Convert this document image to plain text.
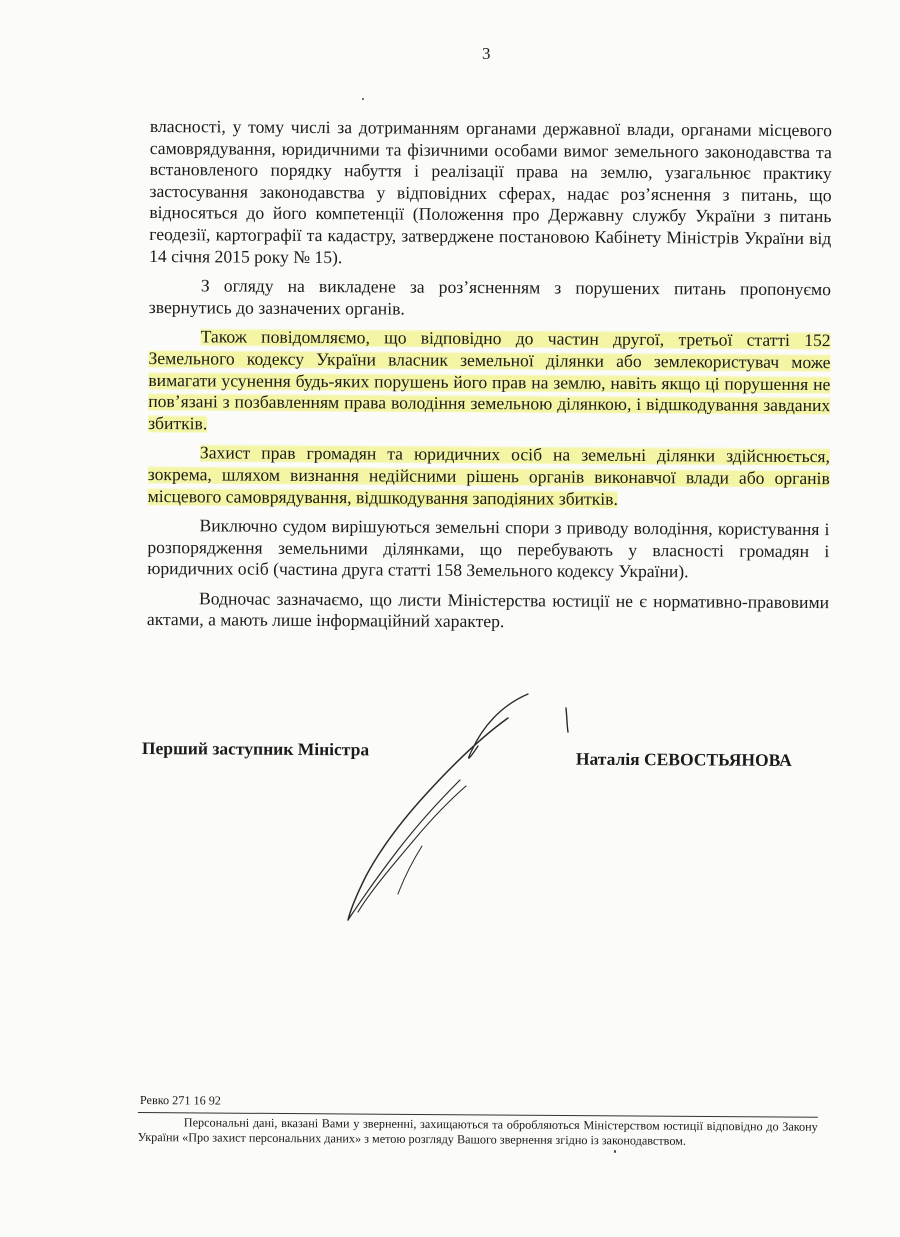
3

власності, у тому числі за дотриманням органами державної влади, органами місцевого самоврядування, юридичними та фізичними особами вимог земельного законодавства та встановленого порядку набуття і реалізації права на землю, узагальнює практику застосування законодавства у відповідних сферах, надає роз’яснення з питань, що відносяться до його компетенції (Положення про Державну службу України з питань геодезії, картографії та кадастру, затверджене постановою Кабінету Міністрів України від 14 січня 2015 року № 15).

З огляду на викладене за роз’ясненням з порушених питань пропонуємо звернутись до зазначених органів.

Також повідомляємо, що відповідно до частин другої, третьої статті 152 Земельного кодексу України власник земельної ділянки або землекористувач може вимагати усунення будь-яких порушень його прав на землю, навіть якщо ці порушення не пов’язані з позбавленням права володіння земельною ділянкою, і відшкодування завданих збитків.

Захист прав громадян та юридичних осіб на земельні ділянки здійснюється, зокрема, шляхом визнання недійсними рішень органів виконавчої влади або органів місцевого самоврядування, відшкодування заподіяних збитків.

Виключно судом вирішуються земельні спори з приводу володіння, користування і розпорядження земельними ділянками, що перебувають у власності громадян і юридичних осіб (частина друга статті 158 Земельного кодексу України).

Водночас зазначаємо, що листи Міністерства юстиції не є нормативно-правовими актами, а мають лише інформаційний характер.

Перший заступник Міністра	Наталія СЕВОСТЬЯНОВА
Ревко 271 16 92
Персональні дані, вказані Вами у зверненні, захищаються та обробляються Міністерством юстиції відповідно до Закону України «Про захист персональних даних» з метою розгляду Вашого звернення згідно із законодавством.
